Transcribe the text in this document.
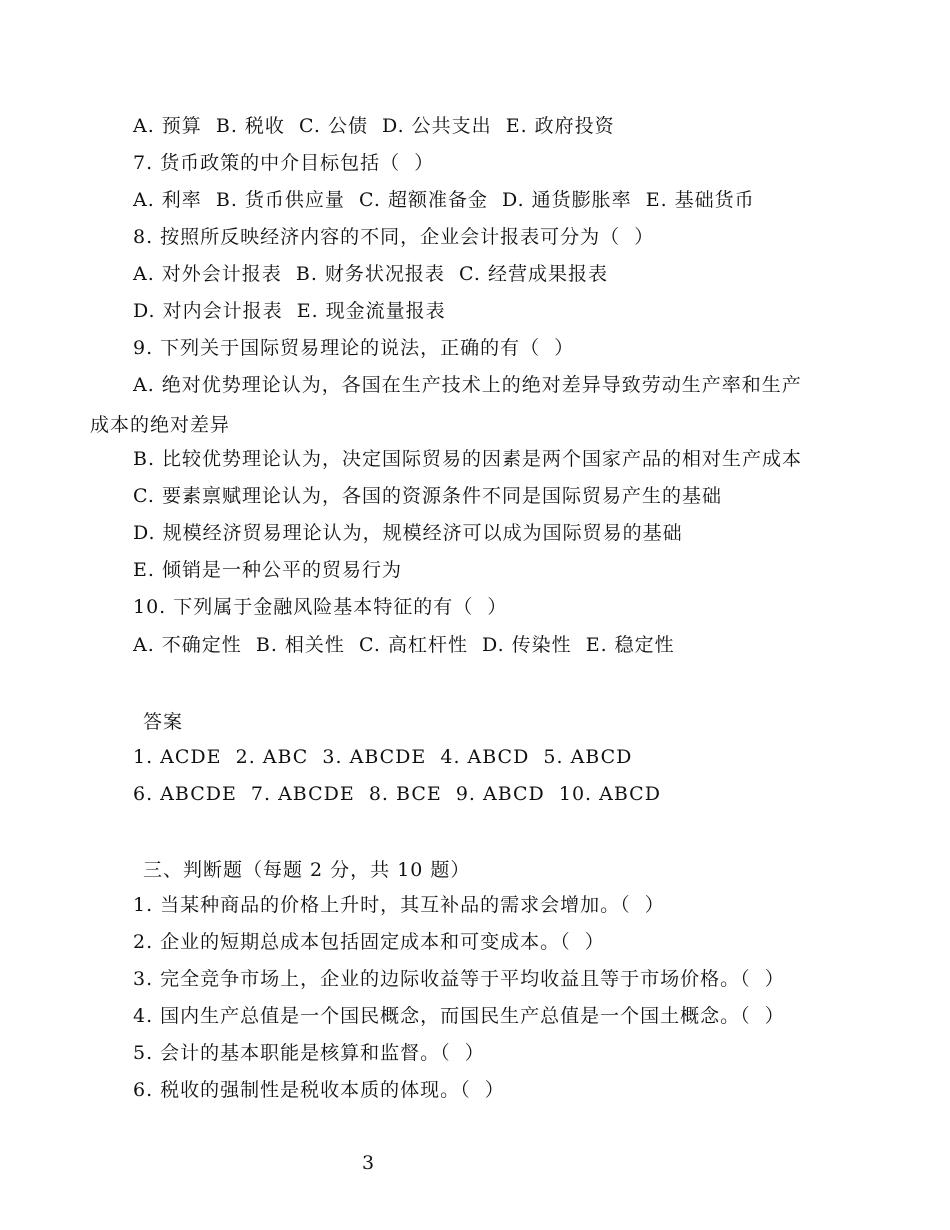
A. 预算  B. 税收  C. 公债  D. 公共支出  E. 政府投资
7. 货币政策的中介目标包括（  ）
A. 利率  B. 货币供应量  C. 超额准备金  D. 通货膨胀率  E. 基础货币
8. 按照所反映经济内容的不同，企业会计报表可分为（  ）
A. 对外会计报表  B. 财务状况报表  C. 经营成果报表
D. 对内会计报表  E. 现金流量报表
9. 下列关于国际贸易理论的说法，正确的有（  ）
A. 绝对优势理论认为，各国在生产技术上的绝对差异导致劳动生产率和生产
成本的绝对差异
B. 比较优势理论认为，决定国际贸易的因素是两个国家产品的相对生产成本
C. 要素禀赋理论认为，各国的资源条件不同是国际贸易产生的基础
D. 规模经济贸易理论认为，规模经济可以成为国际贸易的基础
E. 倾销是一种公平的贸易行为
10. 下列属于金融风险基本特征的有（  ）
A. 不确定性  B. 相关性  C. 高杠杆性  D. 传染性  E. 稳定性
答案
1. ACDE  2. ABC  3. ABCDE  4. ABCD  5. ABCD
6. ABCDE  7. ABCDE  8. BCE  9. ABCD  10. ABCD
三、判断题（每题 2 分，共 10 题）
1. 当某种商品的价格上升时，其互补品的需求会增加。（  ）
2. 企业的短期总成本包括固定成本和可变成本。（  ）
3. 完全竞争市场上，企业的边际收益等于平均收益且等于市场价格。（  ）
4. 国内生产总值是一个国民概念，而国民生产总值是一个国土概念。（  ）
5. 会计的基本职能是核算和监督。（  ）
6. 税收的强制性是税收本质的体现。（  ）
3
